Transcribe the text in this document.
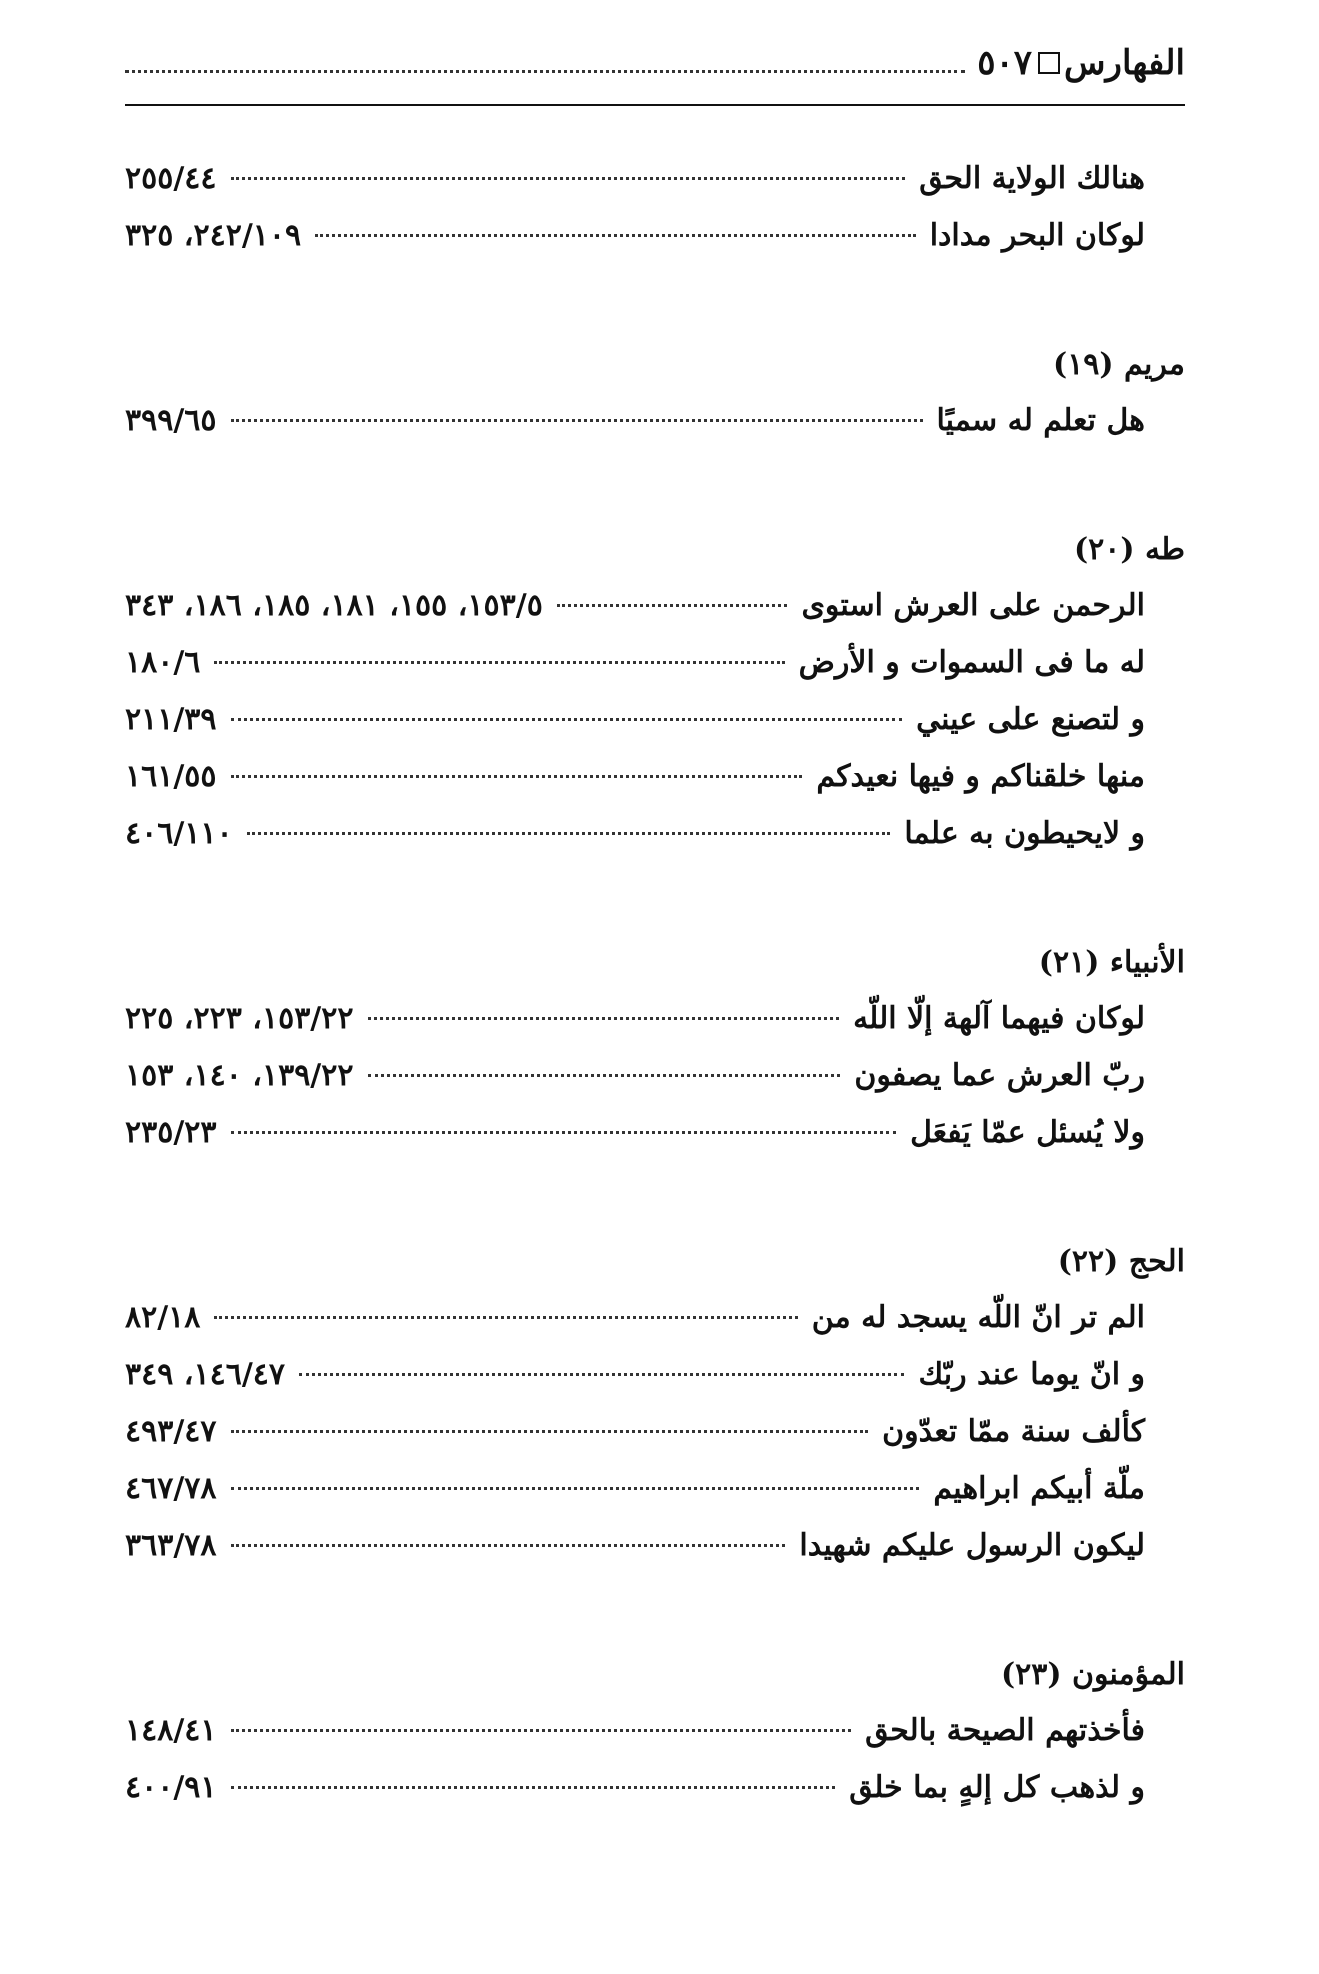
الفهارس
٥٠٧
هنالك الولاية الحق
٢٥٥/٤٤
لوكان البحر مدادا
٢٤٢/١٠٩، ٣٢٥
مريم (١٩)
هل تعلم له سميًا
٣٩٩/٦٥
طه (٢٠)
الرحمن على العرش استوى
١٥٣/٥، ١٥٥، ١٨١، ١٨٥، ١٨٦، ٣٤٣
له ما فى السموات و الأرض
١٨٠/٦
و لتصنع على عيني
٢١١/٣٩
منها خلقناكم و فيها نعيدكم
١٦١/٥٥
و لايحيطون به علما
٤٠٦/١١٠
الأنبياء (٢١)
لوكان فيهما آلهة إلّا اللّه
١٥٣/٢٢، ٢٢٣، ٢٢٥
ربّ العرش عما يصفون
١٣٩/٢٢، ١٤٠، ١٥٣
ولا يُسئل عمّا يَفعَل
٢٣٥/٢٣
الحج (٢٢)
الم تر انّ اللّه يسجد له من
٨٢/١٨
و انّ يوما عند ربّك
١٤٦/٤٧، ٣٤٩
كألف سنة ممّا تعدّون
٤٩٣/٤٧
ملّة أبيكم ابراهيم
٤٦٧/٧٨
ليكون الرسول عليكم شهيدا
٣٦٣/٧٨
المؤمنون (٢٣)
فأخذتهم الصيحة بالحق
١٤٨/٤١
و لذهب كل إلهٍ بما خلق
٤٠٠/٩١
